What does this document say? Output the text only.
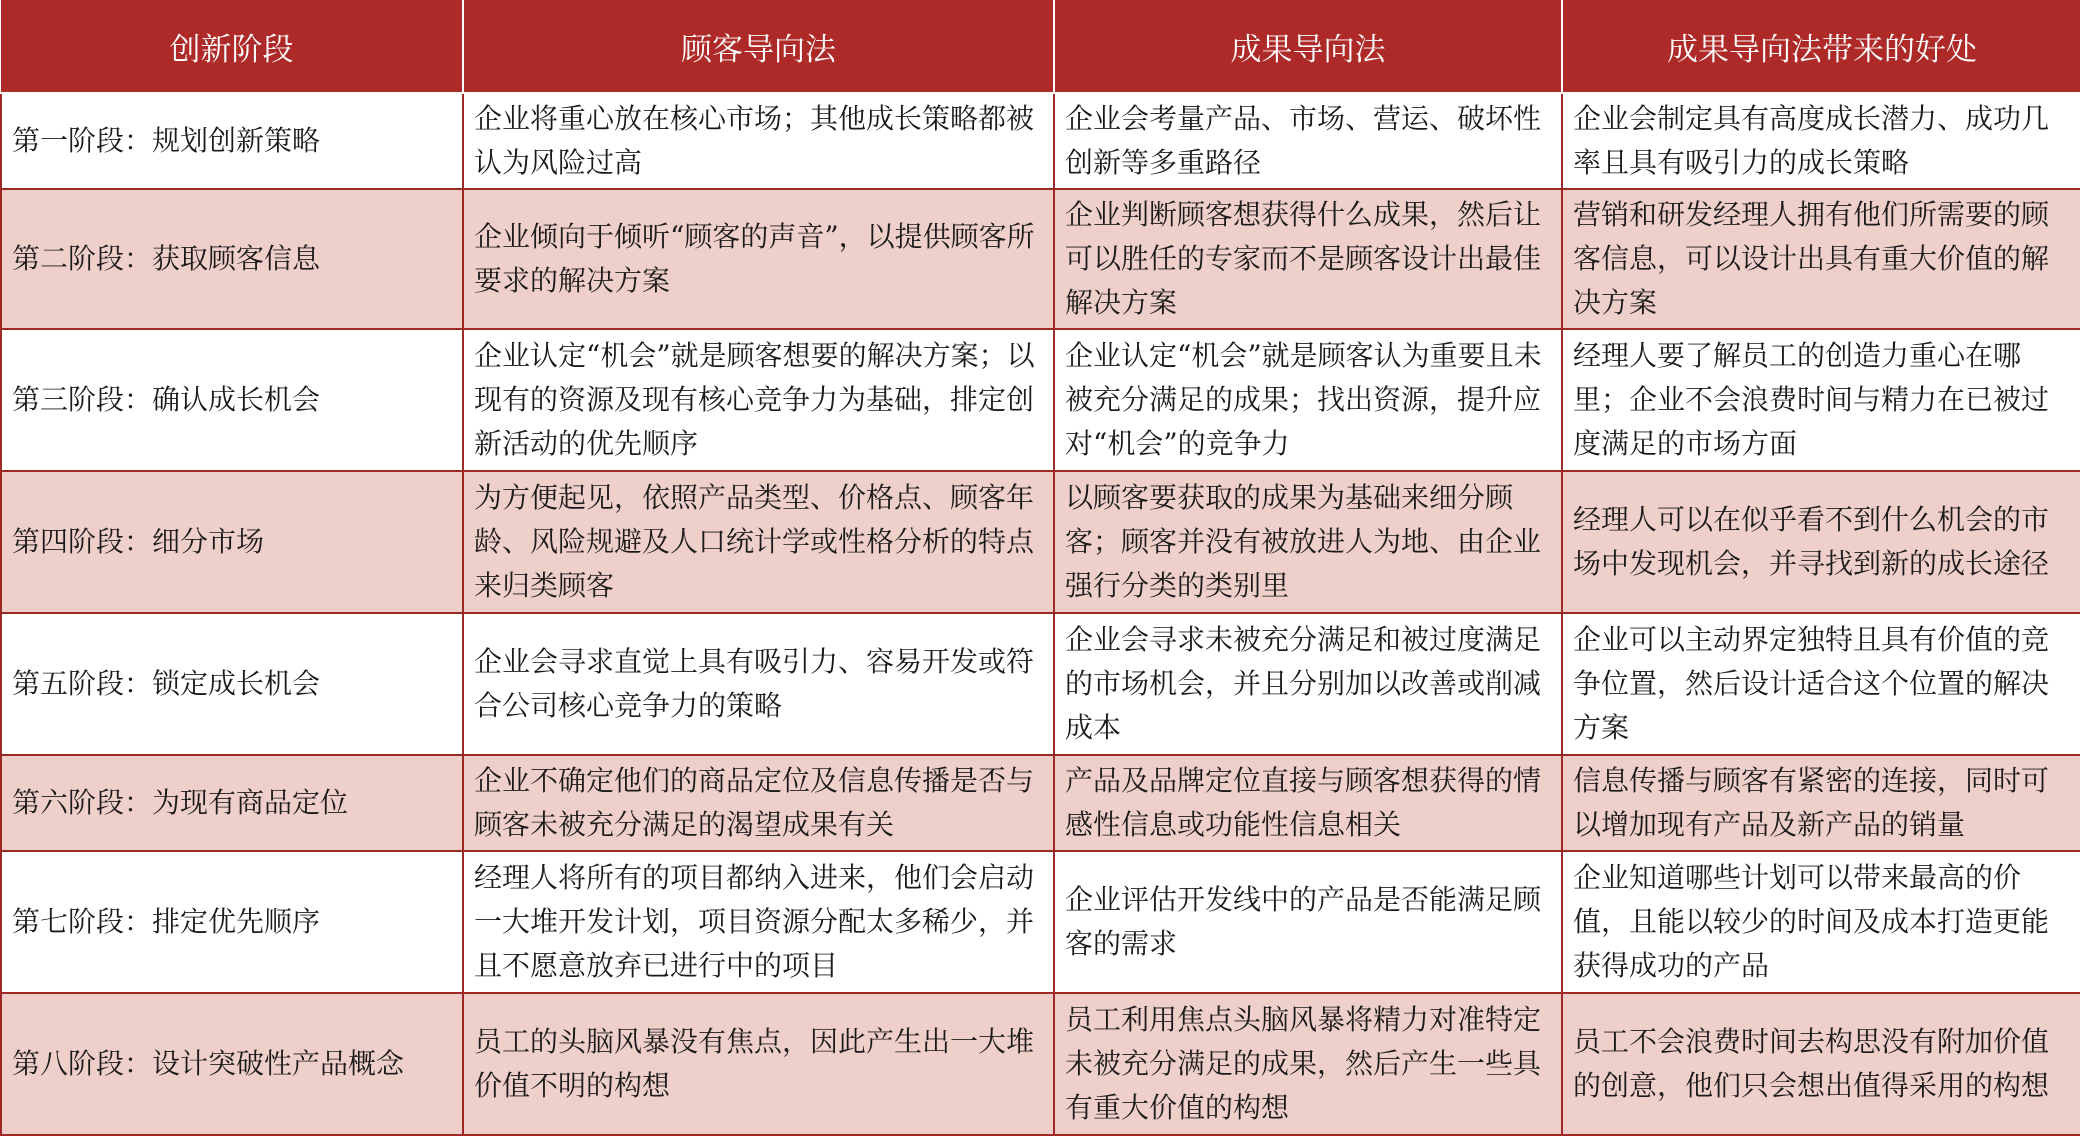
创新阶段	顾客导向法	成果导向法	成果导向法带来的好处
第一阶段：规划创新策略	企业将重心放在核心市场；其他成长策略都被认为风险过高	企业会考量产品、市场、营运、破坏性创新等多重路径	企业会制定具有高度成长潜力、成功几率且具有吸引力的成长策略
第二阶段：获取顾客信息	企业倾向于倾听“顾客的声音”，以提供顾客所要求的解决方案	企业判断顾客想获得什么成果，然后让可以胜任的专家而不是顾客设计出最佳解决方案	营销和研发经理人拥有他们所需要的顾客信息，可以设计出具有重大价值的解决方案
第三阶段：确认成长机会	企业认定“机会”就是顾客想要的解决方案；以现有的资源及现有核心竞争力为基础，排定创新活动的优先顺序	企业认定“机会”就是顾客认为重要且未被充分满足的成果；找出资源，提升应对“机会”的竞争力	经理人要了解员工的创造力重心在哪里；企业不会浪费时间与精力在已被过度满足的市场方面
第四阶段：细分市场	为方便起见，依照产品类型、价格点、顾客年龄、风险规避及人口统计学或性格分析的特点来归类顾客	以顾客要获取的成果为基础来细分顾客；顾客并没有被放进人为地、由企业强行分类的类别里	经理人可以在似乎看不到什么机会的市场中发现机会，并寻找到新的成长途径
第五阶段：锁定成长机会	企业会寻求直觉上具有吸引力、容易开发或符合公司核心竞争力的策略	企业会寻求未被充分满足和被过度满足的市场机会，并且分别加以改善或削减成本	企业可以主动界定独特且具有价值的竞争位置，然后设计适合这个位置的解决方案
第六阶段：为现有商品定位	企业不确定他们的商品定位及信息传播是否与顾客未被充分满足的渴望成果有关	产品及品牌定位直接与顾客想获得的情感性信息或功能性信息相关	信息传播与顾客有紧密的连接，同时可以增加现有产品及新产品的销量
第七阶段：排定优先顺序	经理人将所有的项目都纳入进来，他们会启动一大堆开发计划，项目资源分配太多稀少，并且不愿意放弃已进行中的项目	企业评估开发线中的产品是否能满足顾客的需求	企业知道哪些计划可以带来最高的价值，且能以较少的时间及成本打造更能获得成功的产品
第八阶段：设计突破性产品概念	员工的头脑风暴没有焦点，因此产生出一大堆价值不明的构想	员工利用焦点头脑风暴将精力对准特定未被充分满足的成果，然后产生一些具有重大价值的构想	员工不会浪费时间去构思没有附加价值的创意，他们只会想出值得采用的构想
